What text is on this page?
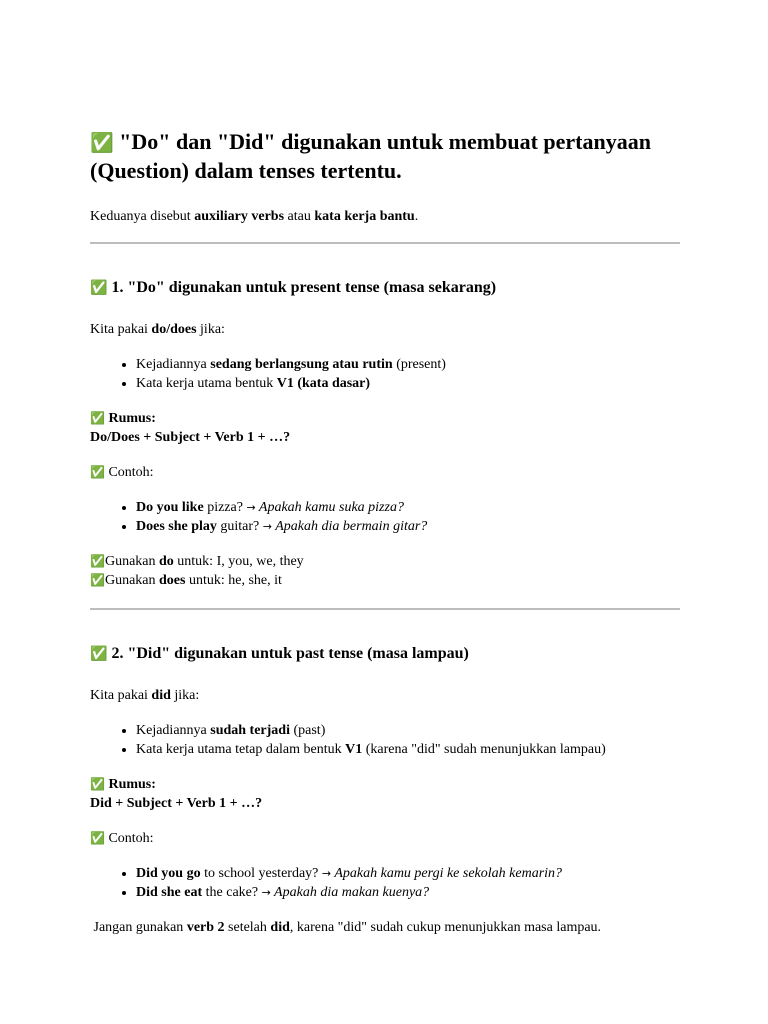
✅ "Do" dan "Did" digunakan untuk membuat pertanyaan (Question) dalam tenses tertentu.

Keduanya disebut auxiliary verbs atau kata kerja bantu.

✅ 1. "Do" digunakan untuk present tense (masa sekarang)

Kita pakai do/does jika:

• Kejadiannya sedang berlangsung atau rutin (present)
• Kata kerja utama bentuk V1 (kata dasar)

✅ Rumus:
Do/Does + Subject + Verb 1 + …?

✅ Contoh:

• Do you like pizza? → Apakah kamu suka pizza?
• Does she play guitar? → Apakah dia bermain gitar?

✅Gunakan do untuk: I, you, we, they
✅Gunakan does untuk: he, she, it

✅ 2. "Did" digunakan untuk past tense (masa lampau)

Kita pakai did jika:

• Kejadiannya sudah terjadi (past)
• Kata kerja utama tetap dalam bentuk V1 (karena "did" sudah menunjukkan lampau)

✅ Rumus:
Did + Subject + Verb 1 + …?

✅ Contoh:

• Did you go to school yesterday? → Apakah kamu pergi ke sekolah kemarin?
• Did she eat the cake? → Apakah dia makan kuenya?

Jangan gunakan verb 2 setelah did, karena "did" sudah cukup menunjukkan masa lampau.
